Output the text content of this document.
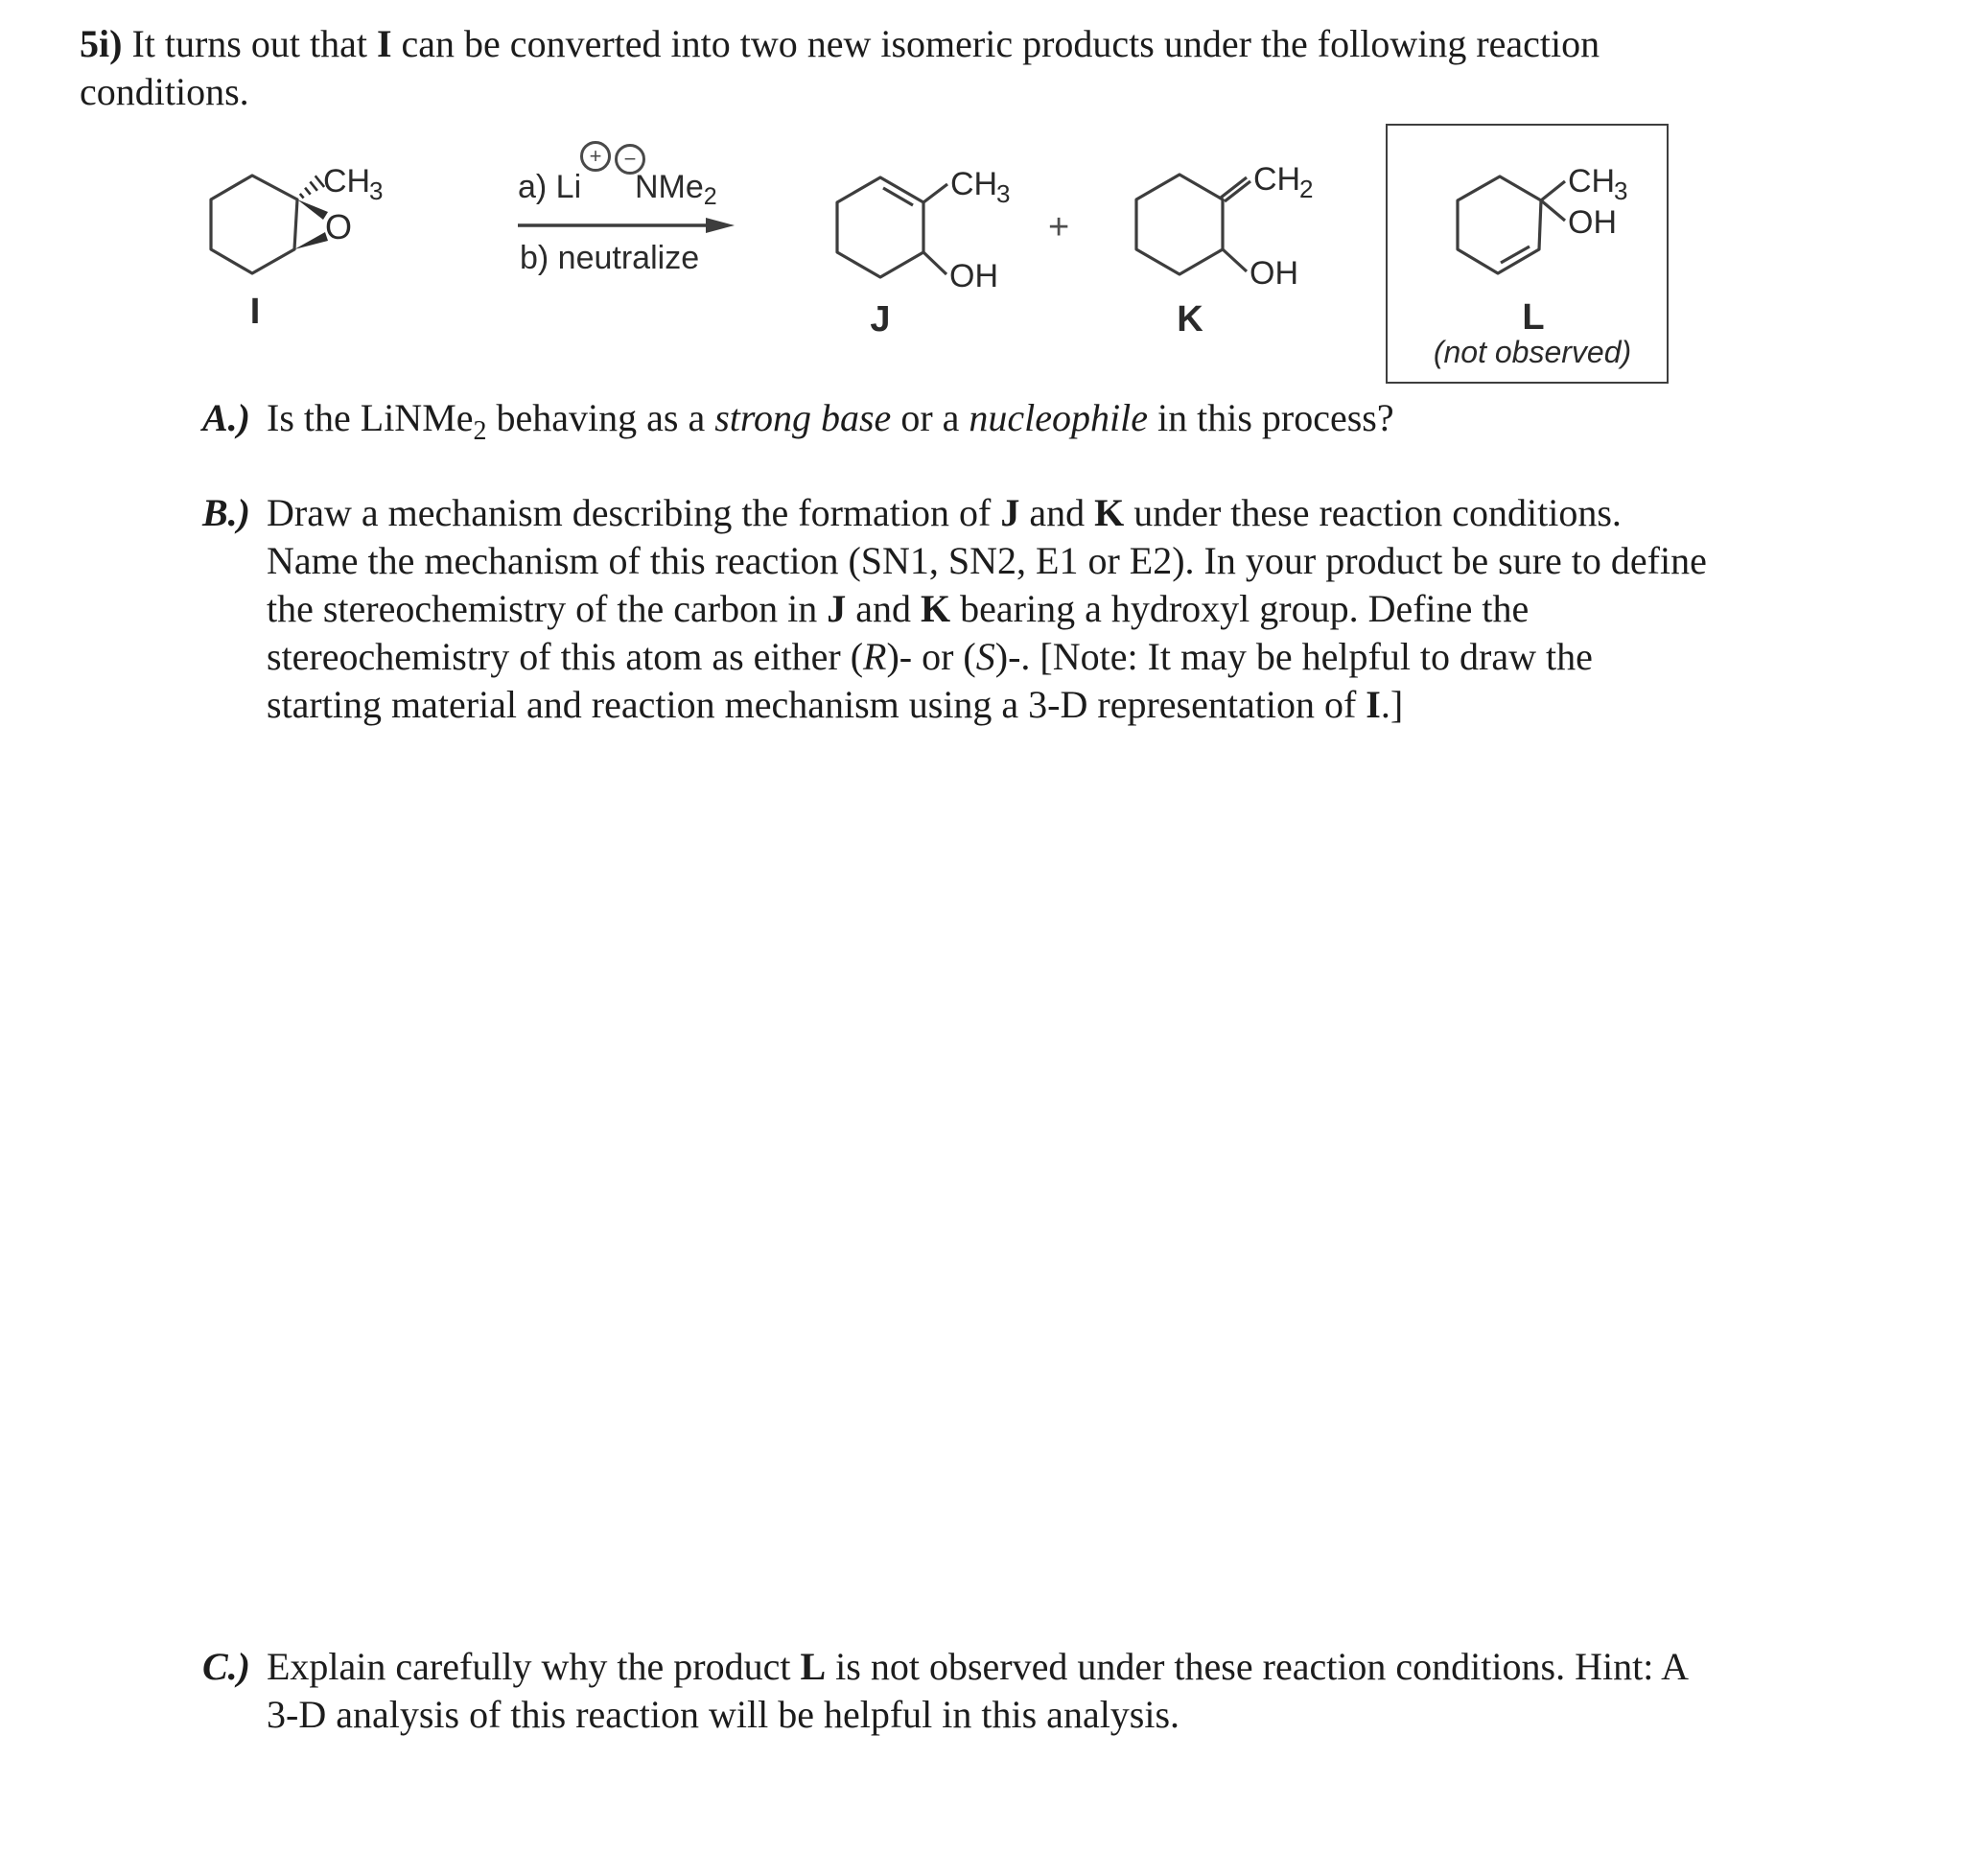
5i) It turns out that I can be converted into two new isomeric products under the following reaction
conditions.
O
CH
3
I
a) Li
+ −
NMe$_2$
b) neutralize
CH
3
OH
J
+
CH
2
OH
K
CH
3
OH
L
(not observed)
A.) Is the LiNMe$_2$ behaving as a strong base or a nucleophile in this process?
B.) Draw a mechanism describing the formation of J and K under these reaction conditions.
Name the mechanism of this reaction (SN1, SN2, E1 or E2). In your product be sure to define
the stereochemistry of the carbon in J and K bearing a hydroxyl group. Define the
stereochemistry of this atom as either (R)- or (S)-. [Note: It may be helpful to draw the
starting material and reaction mechanism using a 3-D representation of I.]
C.) Explain carefully why the product L is not observed under these reaction conditions. Hint: A
3-D analysis of this reaction will be helpful in this analysis.
